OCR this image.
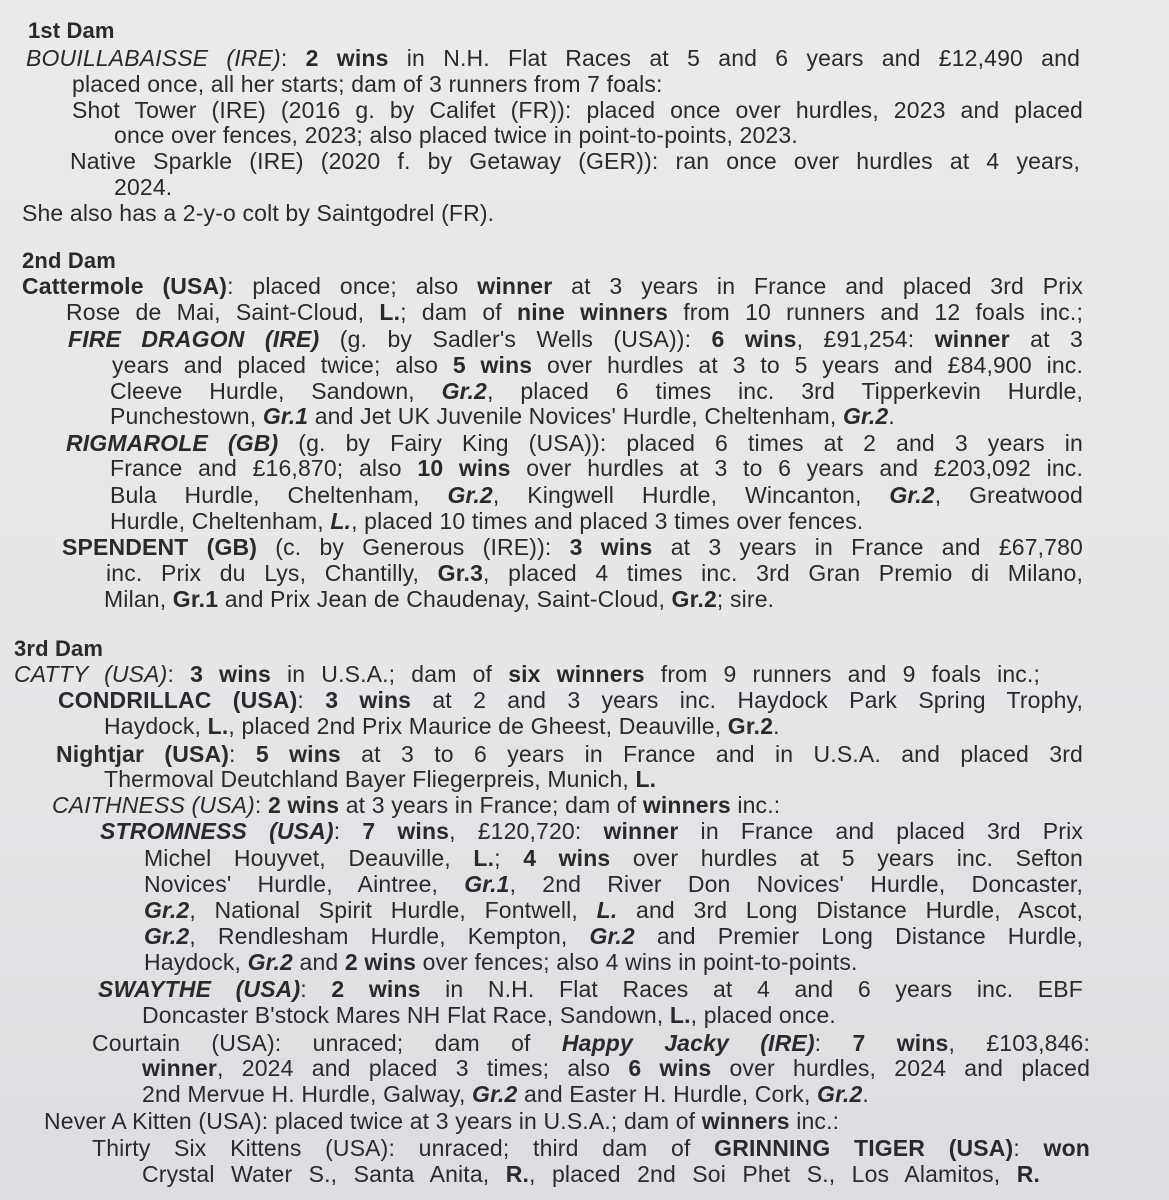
1st Dam
BOUILLABAISSE (IRE): 2 wins in N.H. Flat Races at 5 and 6 years and £12,490 and
placed once, all her starts; dam of 3 runners from 7 foals:
Shot Tower (IRE) (2016 g. by Califet (FR)): placed once over hurdles, 2023 and placed
once over fences, 2023; also placed twice in point-to-points, 2023.
Native Sparkle (IRE) (2020 f. by Getaway (GER)): ran once over hurdles at 4 years,
2024.
She also has a 2-y-o colt by Saintgodrel (FR).
2nd Dam
Cattermole (USA): placed once; also winner at 3 years in France and placed 3rd Prix
Rose de Mai, Saint-Cloud, L.; dam of nine winners from 10 runners and 12 foals inc.;
FIRE DRAGON (IRE) (g. by Sadler's Wells (USA)): 6 wins, £91,254: winner at 3
years and placed twice; also 5 wins over hurdles at 3 to 5 years and £84,900 inc.
Cleeve Hurdle, Sandown, Gr.2, placed 6 times inc. 3rd Tipperkevin Hurdle,
Punchestown, Gr.1 and Jet UK Juvenile Novices' Hurdle, Cheltenham, Gr.2.
RIGMAROLE (GB) (g. by Fairy King (USA)): placed 6 times at 2 and 3 years in
France and £16,870; also 10 wins over hurdles at 3 to 6 years and £203,092 inc.
Bula Hurdle, Cheltenham, Gr.2, Kingwell Hurdle, Wincanton, Gr.2, Greatwood
Hurdle, Cheltenham, L., placed 10 times and placed 3 times over fences.
SPENDENT (GB) (c. by Generous (IRE)): 3 wins at 3 years in France and £67,780
inc. Prix du Lys, Chantilly, Gr.3, placed 4 times inc. 3rd Gran Premio di Milano,
Milan, Gr.1 and Prix Jean de Chaudenay, Saint-Cloud, Gr.2; sire.
3rd Dam
CATTY (USA): 3 wins in U.S.A.; dam of six winners from 9 runners and 9 foals inc.;
CONDRILLAC (USA): 3 wins at 2 and 3 years inc. Haydock Park Spring Trophy,
Haydock, L., placed 2nd Prix Maurice de Gheest, Deauville, Gr.2.
Nightjar (USA): 5 wins at 3 to 6 years in France and in U.S.A. and placed 3rd
Thermoval Deutchland Bayer Fliegerpreis, Munich, L.
CAITHNESS (USA): 2 wins at 3 years in France; dam of winners inc.:
STROMNESS (USA): 7 wins, £120,720: winner in France and placed 3rd Prix
Michel Houyvet, Deauville, L.; 4 wins over hurdles at 5 years inc. Sefton
Novices' Hurdle, Aintree, Gr.1, 2nd River Don Novices' Hurdle, Doncaster,
Gr.2, National Spirit Hurdle, Fontwell, L. and 3rd Long Distance Hurdle, Ascot,
Gr.2, Rendlesham Hurdle, Kempton, Gr.2 and Premier Long Distance Hurdle,
Haydock, Gr.2 and 2 wins over fences; also 4 wins in point-to-points.
SWAYTHE (USA): 2 wins in N.H. Flat Races at 4 and 6 years inc. EBF
Doncaster B'stock Mares NH Flat Race, Sandown, L., placed once.
Courtain (USA): unraced; dam of Happy Jacky (IRE): 7 wins, £103,846:
winner, 2024 and placed 3 times; also 6 wins over hurdles, 2024 and placed
2nd Mervue H. Hurdle, Galway, Gr.2 and Easter H. Hurdle, Cork, Gr.2.
Never A Kitten (USA): placed twice at 3 years in U.S.A.; dam of winners inc.:
Thirty Six Kittens (USA): unraced; third dam of GRINNING TIGER (USA): won
Crystal Water S., Santa Anita, R., placed 2nd Soi Phet S., Los Alamitos, R.
